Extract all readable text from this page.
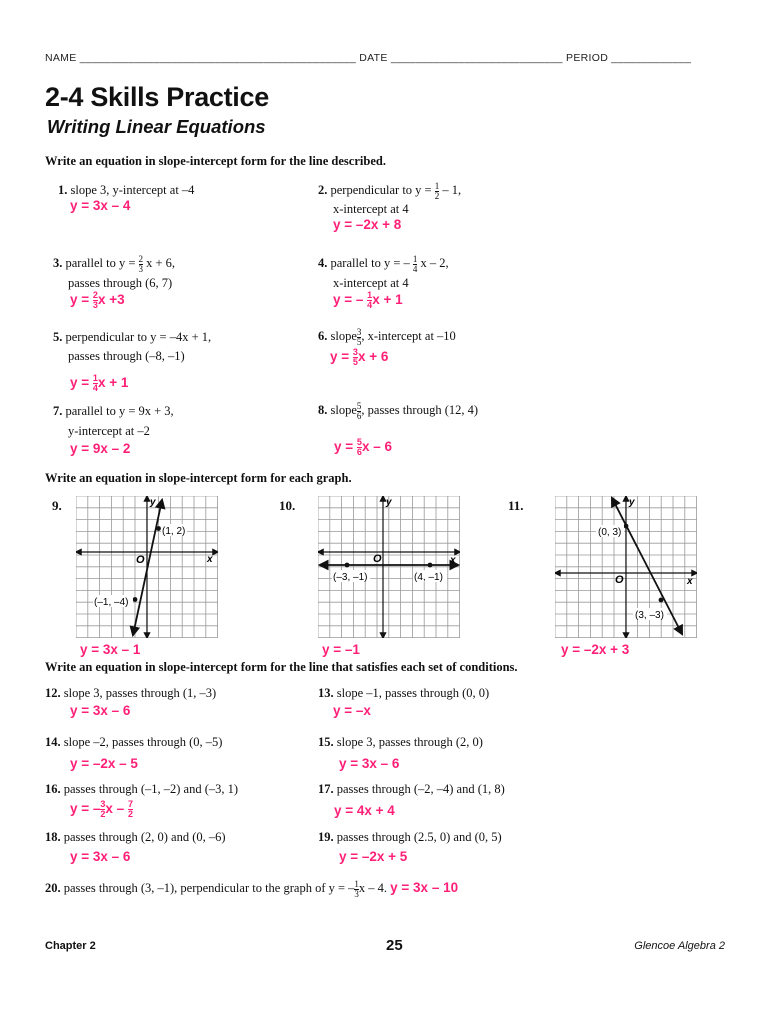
NAME _____________________________________________ DATE ____________________________ PERIOD _____________
2-4 Skills Practice
Writing Linear Equations
Write an equation in slope-intercept form for the line described.
1. slope 3, y-intercept at –4
y = 3x – 4
2. perpendicular to $y = \frac{1}{2} - 1$,
x-intercept at 4
y = –2x + 8
3. parallel to $y = \frac{2}{3}$ x + 6,
passes through (6, 7)
$y = \frac{2}{3}$ x +3
4. parallel to y = – $\frac{1}{4}$ x – 2,
x-intercept at 4
y = – $\frac{1}{4}$ x + 1
5. perpendicular to y = –4x + 1,
passes through (–8, –1)
$y = \frac{1}{4}$ x + 1
6. slope $\frac{3}{5}$ , x-intercept at –10
$y = \frac{3}{5}$ x + 6
7. parallel to y = 9x + 3,
y-intercept at –2
y = 9x – 2
8. slope $\frac{5}{6}$ , passes through (12, 4)
$y = \frac{5}{6}$ x – 6
Write an equation in slope-intercept form for each graph.
9.
(1, 2)
(–1, –4)
O	x
y
y = 3x – 1
10.
(–3, –1)	(4, –1)
O	x
y
y = –1
11.
(0, 3)
(3, –3)
O	x
y
y = –2x + 3
Write an equation in slope-intercept form for the line that satisfies each set of conditions.
12. slope 3, passes through (1, –3)
y = 3x – 6
13. slope –1, passes through (0, 0)
y = –x
14. slope –2, passes through (0, –5)
y = –2x – 5
15. slope 3, passes through (2, 0)
y = 3x – 6
16. passes through (–1, –2) and (–3, 1)
y = – $\frac{3}{2}$ x – $\frac{7}{2}$
17. passes through (–2, –4) and (1, 8)
y = 4x + 4
18. passes through (2, 0) and (0, –6)
y = 3x – 6
19. passes through (2.5, 0) and (0, 5)
y = –2x + 5
20. passes through (3, –1), perpendicular to the graph of y = – $\frac{1}{3}$ x – 4. y = 3x – 10
Chapter 2	25	Glencoe Algebra 2
